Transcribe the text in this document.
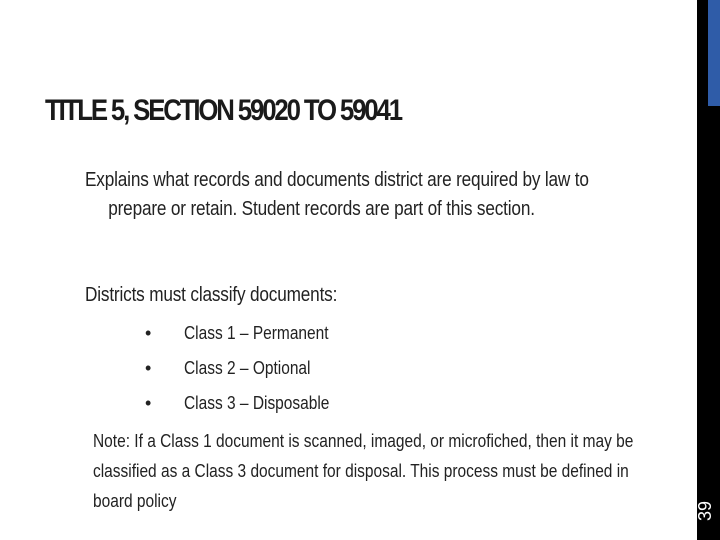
TITLE 5, SECTION 59020 TO 59041

Explains what records and documents district are required by law to prepare or retain. Student records are part of this section.

Districts must classify documents:

• Class 1 – Permanent
• Class 2 – Optional
• Class 3 – Disposable

Note: If a Class 1 document is scanned, imaged, or microfiched, then it may be classified as a Class 3 document for disposal. This process must be defined in board policy	39
